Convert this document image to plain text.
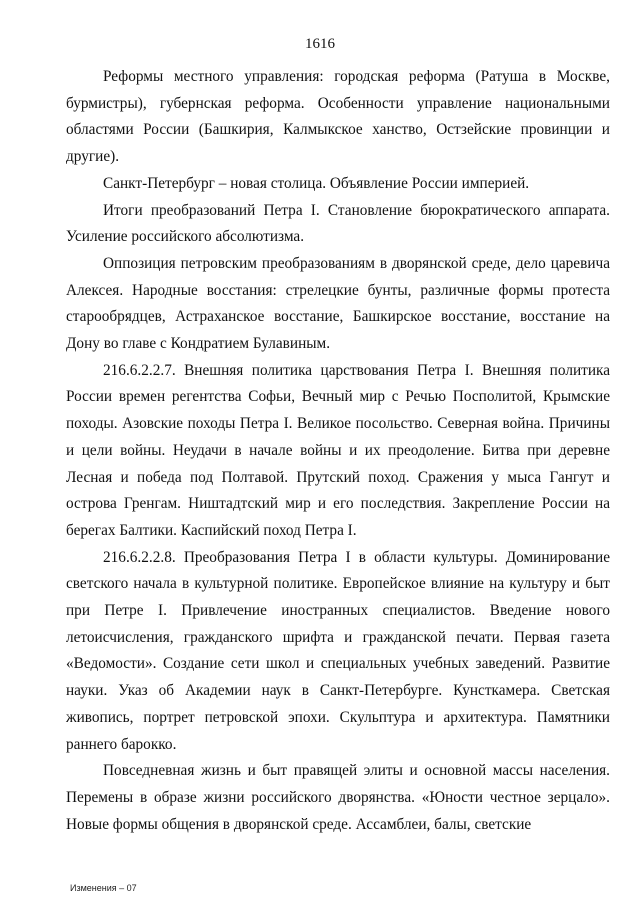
1616

Реформы местного управления: городская реформа (Ратуша в Москве, бурмистры), губернская реформа. Особенности управление национальными областями России (Башкирия, Калмыкское ханство, Остзейские провинции и другие).

Санкт-Петербург – новая столица. Объявление России империей.

Итоги преобразований Петра I. Становление бюрократического аппарата. Усиление российского абсолютизма.

Оппозиция петровским преобразованиям в дворянской среде, дело царевича Алексея. Народные восстания: стрелецкие бунты, различные формы протеста старообрядцев, Астраханское восстание, Башкирское восстание, восстание на Дону во главе с Кондратием Булавиным.

216.6.2.2.7. Внешняя политика царствования Петра I. Внешняя политика России времен регентства Софьи, Вечный мир с Речью Посполитой, Крымские походы. Азовские походы Петра I. Великое посольство. Северная война. Причины и цели войны. Неудачи в начале войны и их преодоление. Битва при деревне Лесная и победа под Полтавой. Прутский поход. Сражения у мыса Гангут и острова Гренгам. Ништадтский мир и его последствия. Закрепление России на берегах Балтики. Каспийский поход Петра I.

216.6.2.2.8. Преобразования Петра I в области культуры. Доминирование светского начала в культурной политике. Европейское влияние на культуру и быт при Петре I. Привлечение иностранных специалистов. Введение нового летоисчисления, гражданского шрифта и гражданской печати. Первая газета «Ведомости». Создание сети школ и специальных учебных заведений. Развитие науки. Указ об Академии наук в Санкт-Петербурге. Кунсткамера. Светская живопись, портрет петровской эпохи. Скульптура и архитектура. Памятники раннего барокко.

Повседневная жизнь и быт правящей элиты и основной массы населения. Перемены в образе жизни российского дворянства. «Юности честное зерцало». Новые формы общения в дворянской среде. Ассамблеи, балы, светские

Изменения – 07
